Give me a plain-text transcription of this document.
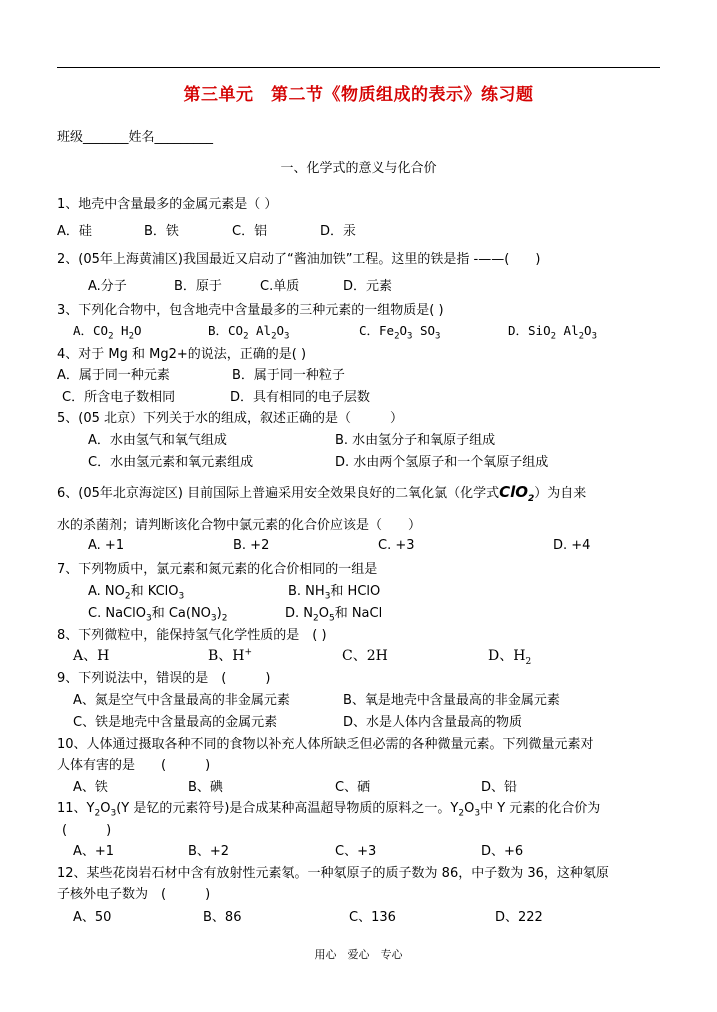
第三单元　第二节《物质组成的表示》练习题
班级_______姓名_________
一、化学式的意义与化合价
1、地壳中含量最多的金属元素是（ ）
A．硅	B．铁	C．铝	D．汞
2、(05年上海黄浦区)我国最近又启动了“酱油加铁”工程。这里的铁是指 -——(　　)
A.分子	B．原于	C.单质	D．元素
3、下列化合物中，包含地壳中含量最多的三种元素的一组物质是( )
A．$CO_2$ $H_2O$	B．$CO_2$ $Al_2O_3$	C．$Fe_2O_3$ $SO_3$	D．SiO$_2$ $Al_2O_3$
4、对于 Mg 和 Mg2+的说法，正确的是( )
A．属于同一种元素	B．属于同一种粒子
C．所含电子数相同	D．具有相同的电子层数
5、(05 北京）下列关于水的组成，叙述正确的是（　　　）
A．水由氢气和氧气组成	B. 水由氢分子和氧原子组成
C．水由氢元素和氧元素组成	D. 水由两个氢原子和一个氧原子组成
6、(05年北京海淀区) 目前国际上普遍采用安全效果良好的二氧化氯（化学式ClO$_2$）为自来
水的杀菌剂；请判断该化合物中氯元素的化合价应该是（　　）
A. +1	B. +2	C. +3	D. +4
7、下列物质中，氯元素和氮元素的化合价相同的一组是
A. $NO_2$和 KClO$_3$	B. $NH_3$和 HClO
C. NaClO$_3$和 $Ca(NO_3)_2$	D. $N_2O_5$和 NaCl
8、下列微粒中，能保持氢气化学性质的是　( )
A、H	B、H+	C、2H	D、$H_2$
9、下列说法中，错误的是　(　　　)
A、氮是空气中含量最高的非金属元素	B、氧是地壳中含量最高的非金属元素
C、铁是地壳中含量最高的金属元素	D、水是人体内含量最高的物质
10、人体通过摄取各种不同的食物以补充人体所缺乏但必需的各种微量元素。下列微量元素对
人体有害的是　　(　　　)
A、铁	B、碘	C、硒	D、铅
11、$Y_2O_3(Y$ 是钇的元素符号)是合成某种高温超导物质的原料之一。$Y_2O_3$中 Y 元素的化合价为
(　　　)
A、+1	B、+2	C、+3	D、+6
12、某些花岗岩石材中含有放射性元素氡。一种氡原子的质子数为 86，中子数为 36，这种氡原
子核外电子数为　(　　　)
A、50	B、86	C、136	D、222
用心　爱心　专心
